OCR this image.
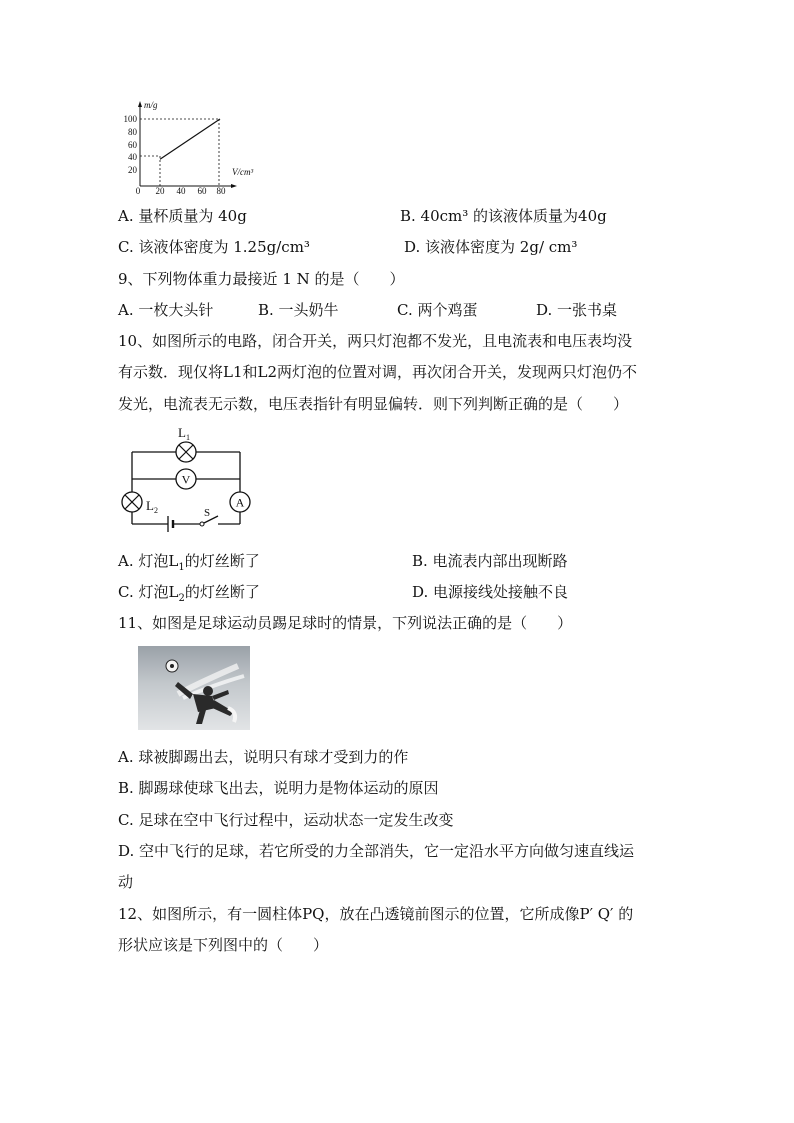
m/g
V/cm³
100
80
60
40
20
0 20 40 60 80
A. 量杯质量为 40g	B. 40cm³ 的该液体质量为40g
C. 该液体密度为 1.25g/cm³	D. 该液体密度为 2g/ cm³
9、下列物体重力最接近 1 N 的是（　　）
A. 一枚大头针	B. 一头奶牛	C. 两个鸡蛋	D. 一张书桌
10、如图所示的电路，闭合开关，两只灯泡都不发光，且电流表和电压表均没
有示数．现仅将L1和L2两灯泡的位置对调，再次闭合开关，发现两只灯泡仍不
发光，电流表无示数，电压表指针有明显偏转．则下列判断正确的是（　　）
$L_1$
V
$L_2$
A
S
A. 灯泡$L_1$的灯丝断了	B. 电流表内部出现断路
C. 灯泡$L_2$的灯丝断了	D. 电源接线处接触不良
11、如图是足球运动员踢足球时的情景，下列说法正确的是（　　）
A. 球被脚踢出去，说明只有球才受到力的作
B. 脚踢球使球飞出去，说明力是物体运动的原因
C. 足球在空中飞行过程中，运动状态一定发生改变
D. 空中飞行的足球，若它所受的力全部消失，它一定沿水平方向做匀速直线运
动
12、如图所示，有一圆柱体PQ，放在凸透镜前图示的位置，它所成像P′ Q′ 的
形状应该是下列图中的（　　）
